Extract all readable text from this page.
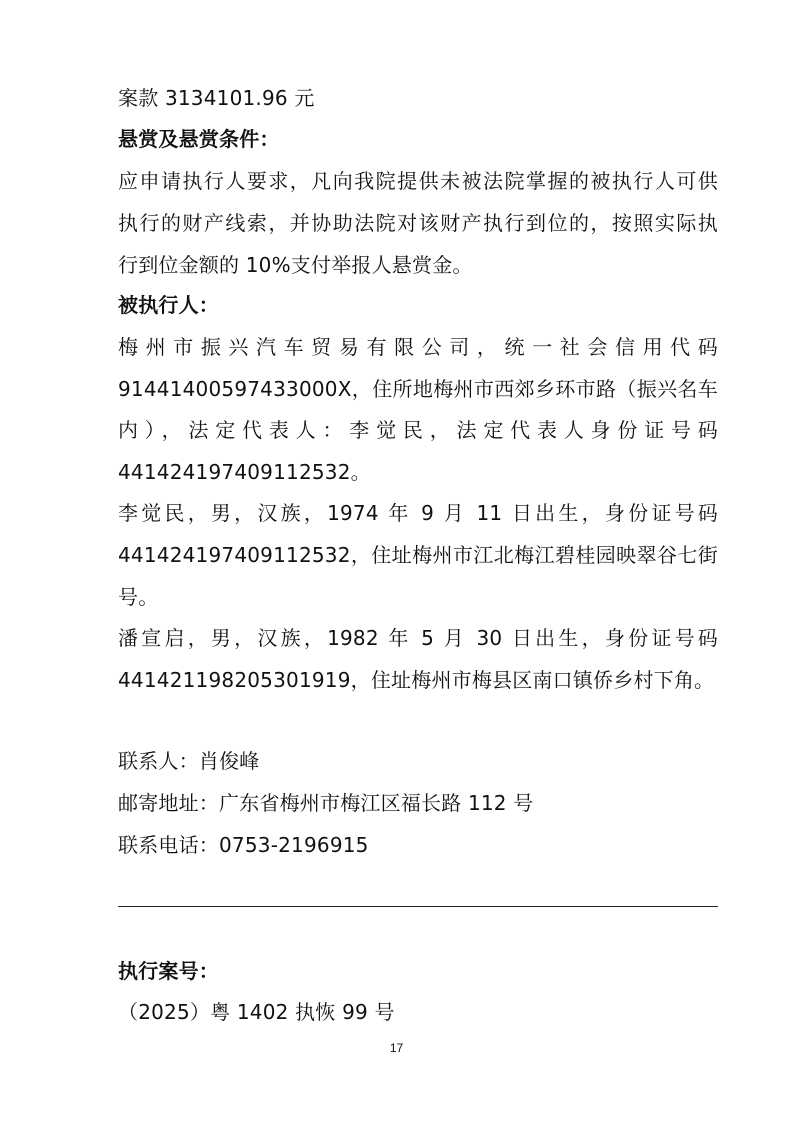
案款 3134101.96 元
悬赏及悬赏条件：
应申请执行人要求，凡向我院提供未被法院掌握的被执行人可供
执行的财产线索，并协助法院对该财产执行到位的，按照实际执
行到位金额的 10%支付举报人悬赏金。
被执行人：
梅州市振兴汽车贸易有限公司，统一社会信用代码
91441400597433000X，住所地梅州市西郊乡环市路（振兴名车
内），法定代表人：李觉民，法定代表人身份证号码
441424197409112532。
李觉民，男，汉族，1974 年 9 月 11 日出生，身份证号码
441424197409112532，住址梅州市江北梅江碧桂园映翠谷七街
号。
潘宣启，男，汉族，1982 年 5 月 30 日出生，身份证号码
441421198205301919，住址梅州市梅县区南口镇侨乡村下角。
联系人：肖俊峰
邮寄地址：广东省梅州市梅江区福长路 112 号
联系电话：0753-2196915
执行案号：
（2025）粤 1402 执恢 99 号
17
